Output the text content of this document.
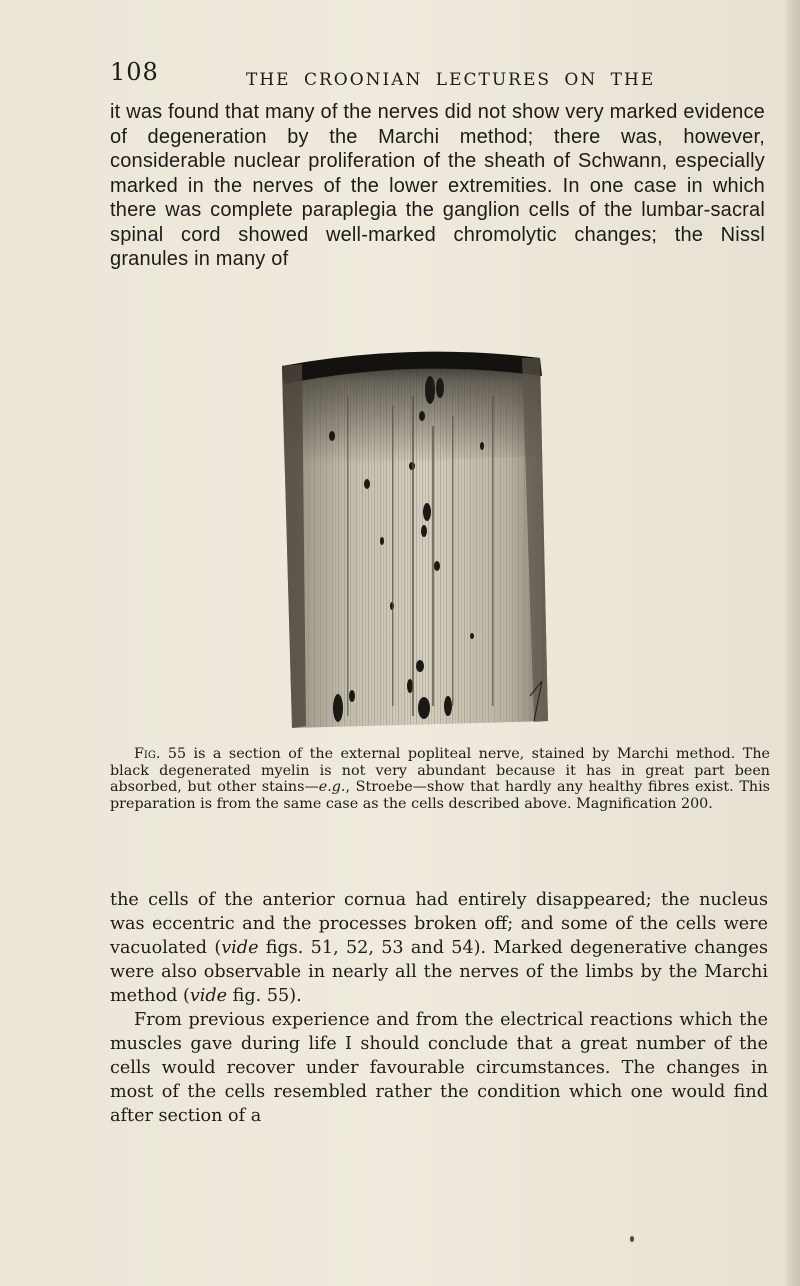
108	THE CROONIAN LECTURES ON THE
it was found that many of the nerves did not show very marked evidence of degeneration by the Marchi method; there was, however, considerable nuclear proliferation of the sheath of Schwann, especially marked in the nerves of the lower extremities. In one case in which there was complete paraplegia the ganglion cells of the lumbar-sacral spinal cord showed well-marked chromolytic changes; the Nissl granules in many of
Fig. 55 is a section of the external popliteal nerve, stained by Marchi method. The black degenerated myelin is not very abundant because it has in great part been absorbed, but other stains—e.g., Stroebe—show that hardly any healthy fibres exist. This preparation is from the same case as the cells described above. Magnification 200.

the cells of the anterior cornua had entirely disappeared; the nucleus was eccentric and the processes broken off; and some of the cells were vacuolated (vide figs. 51, 52, 53 and 54). Marked degenerative changes were also observable in nearly all the nerves of the limbs by the Marchi method (vide fig. 55).

From previous experience and from the electrical reactions which the muscles gave during life I should conclude that a great number of the cells would recover under favourable circumstances. The changes in most of the cells resembled rather the condition which one would find after section of a
